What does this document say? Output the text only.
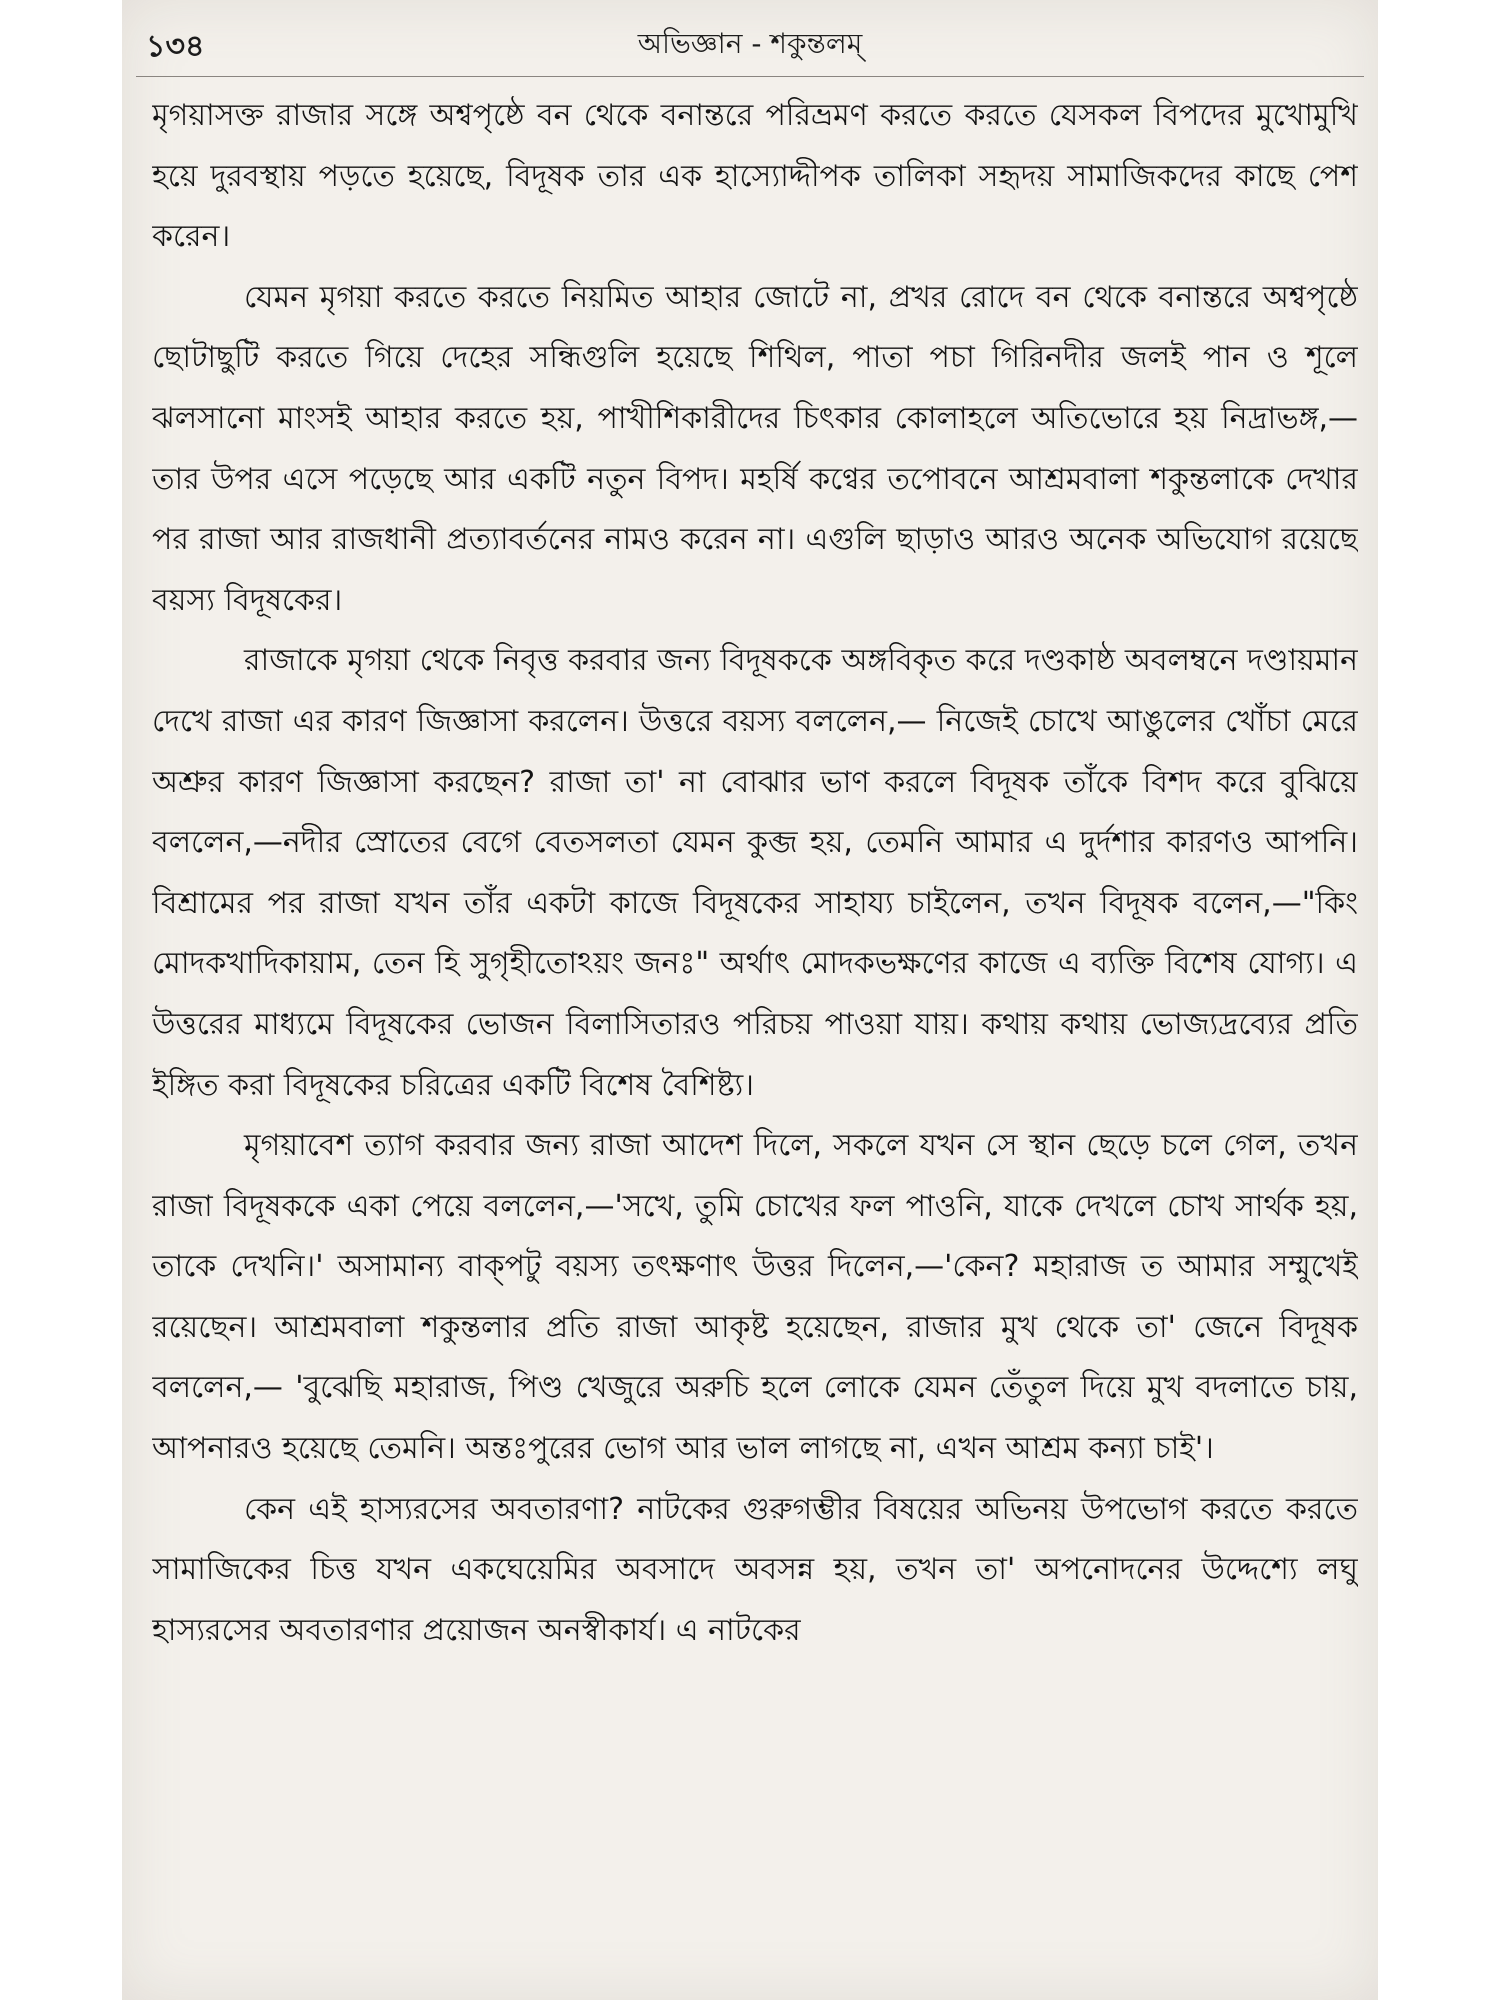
১৩৪	অভিজ্ঞান - শকুন্তলম্

মৃগয়াসক্ত রাজার সঙ্গে অশ্বপৃষ্ঠে বন থেকে বনান্তরে পরিভ্রমণ করতে করতে যেসকল বিপদের মুখোমুখি হয়ে দুরবস্থায় পড়তে হয়েছে, বিদূষক তার এক হাস্যোদ্দীপক তালিকা সহৃদয় সামাজিকদের কাছে পেশ করেন।

যেমন মৃগয়া করতে করতে নিয়মিত আহার জোটে না, প্রখর রোদে বন থেকে বনান্তরে অশ্বপৃষ্ঠে ছোটাছুটি করতে গিয়ে দেহের সন্ধিগুলি হয়েছে শিথিল, পাতা পচা গিরিনদীর জলই পান ও শূলে ঝলসানো মাংসই আহার করতে হয়, পাখীশিকারীদের চিৎকার কোলাহলে অতিভোরে হয় নিদ্রাভঙ্গ,— তার উপর এসে পড়েছে আর একটি নতুন বিপদ। মহর্ষি কণ্বের তপোবনে আশ্রমবালা শকুন্তলাকে দেখার পর রাজা আর রাজধানী প্রত্যাবর্তনের নামও করেন না। এগুলি ছাড়াও আরও অনেক অভিযোগ রয়েছে বয়স্য বিদূষকের।

রাজাকে মৃগয়া থেকে নিবৃত্ত করবার জন্য বিদূষককে অঙ্গবিকৃত করে দণ্ডকাষ্ঠ অবলম্বনে দণ্ডায়মান দেখে রাজা এর কারণ জিজ্ঞাসা করলেন। উত্তরে বয়স্য বললেন,— নিজেই চোখে আঙুলের খোঁচা মেরে অশ্রুর কারণ জিজ্ঞাসা করছেন? রাজা তা' না বোঝার ভাণ করলে বিদূষক তাঁকে বিশদ করে বুঝিয়ে বললেন,—নদীর স্রোতের বেগে বেতসলতা যেমন কুব্জ হয়, তেমনি আমার এ দুর্দশার কারণও আপনি। বিশ্রামের পর রাজা যখন তাঁর একটা কাজে বিদূষকের সাহায্য চাইলেন, তখন বিদূষক বলেন,—"কিং মোদকখাদিকায়াম, তেন হি সুগৃহীতোঽয়ং জনঃ" অর্থাৎ মোদকভক্ষণের কাজে এ ব্যক্তি বিশেষ যোগ্য। এ উত্তরের মাধ্যমে বিদূষকের ভোজন বিলাসিতারও পরিচয় পাওয়া যায়। কথায় কথায় ভোজ্যদ্রব্যের প্রতি ইঙ্গিত করা বিদূষকের চরিত্রের একটি বিশেষ বৈশিষ্ট্য।

মৃগয়াবেশ ত্যাগ করবার জন্য রাজা আদেশ দিলে, সকলে যখন সে স্থান ছেড়ে চলে গেল, তখন রাজা বিদূষককে একা পেয়ে বললেন,—'সখে, তুমি চোখের ফল পাওনি, যাকে দেখলে চোখ সার্থক হয়, তাকে দেখনি।' অসামান্য বাক্‌পটু বয়স্য তৎক্ষণাৎ উত্তর দিলেন,—'কেন? মহারাজ ত আমার সম্মুখেই রয়েছেন। আশ্রমবালা শকুন্তলার প্রতি রাজা আকৃষ্ট হয়েছেন, রাজার মুখ থেকে তা' জেনে বিদূষক বললেন,— 'বুঝেছি মহারাজ, পিণ্ড খেজুরে অরুচি হলে লোকে যেমন তেঁতুল দিয়ে মুখ বদলাতে চায়, আপনারও হয়েছে তেমনি। অন্তঃপুরের ভোগ আর ভাল লাগছে না, এখন আশ্রম কন্যা চাই'।

কেন এই হাস্যরসের অবতারণা? নাটকের গুরুগম্ভীর বিষয়ের অভিনয় উপভোগ করতে করতে সামাজিকের চিত্ত যখন একঘেয়েমির অবসাদে অবসন্ন হয়, তখন তা' অপনোদনের উদ্দেশ্যে লঘু হাস্যরসের অবতারণার প্রয়োজন অনস্বীকার্য। এ নাটকের
